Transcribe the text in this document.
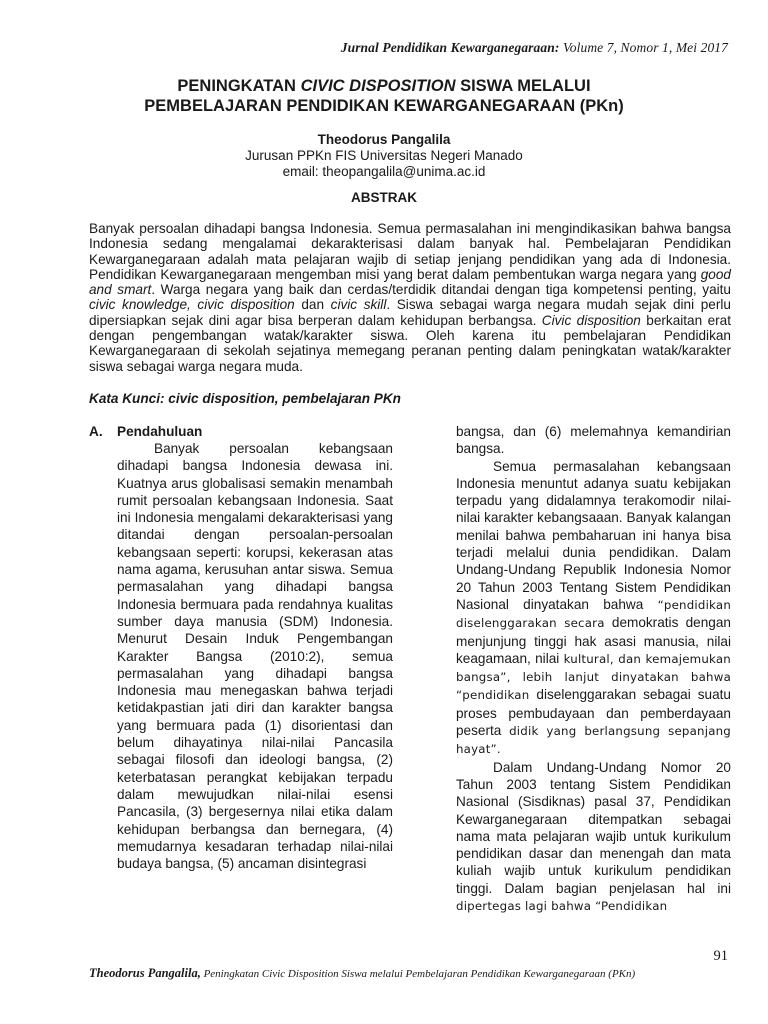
Jurnal Pendidikan Kewarganegaraan: Volume 7, Nomor 1, Mei 2017
PENINGKATAN CIVIC DISPOSITION SISWA MELALUI
PEMBELAJARAN PENDIDIKAN KEWARGANEGARAAN (PKn)
Theodorus Pangalila
Jurusan PPKn FIS Universitas Negeri Manado
email: theopangalila@unima.ac.id
ABSTRAK

Banyak persoalan dihadapi bangsa Indonesia. Semua permasalahan ini mengindikasikan bahwa bangsa Indonesia sedang mengalamai dekarakterisasi dalam banyak hal. Pembelajaran Pendidikan Kewarganegaraan adalah mata pelajaran wajib di setiap jenjang pendidikan yang ada di Indonesia. Pendidikan Kewarganegaraan mengemban misi yang berat dalam pembentukan warga negara yang good and smart. Warga negara yang baik dan cerdas/terdidik ditandai dengan tiga kompetensi penting, yaitu civic knowledge, civic disposition dan civic skill. Siswa sebagai warga negara mudah sejak dini perlu dipersiapkan sejak dini agar bisa berperan dalam kehidupan berbangsa. Civic disposition berkaitan erat dengan pengembangan watak/karakter siswa. Oleh karena itu pembelajaran Pendidikan Kewarganegaraan di sekolah sejatinya memegang peranan penting dalam peningkatan watak/karakter siswa sebagai warga negara muda.

Kata Kunci: civic disposition, pembelajaran PKn
A. Pendahuluan

Banyak persoalan kebangsaan dihadapi bangsa Indonesia dewasa ini. Kuatnya arus globalisasi semakin menambah rumit persoalan kebangsaan Indonesia. Saat ini Indonesia mengalami dekarakterisasi yang ditandai dengan persoalan-persoalan kebangsaan seperti: korupsi, kekerasan atas nama agama, kerusuhan antar siswa. Semua permasalahan yang dihadapi bangsa Indonesia bermuara pada rendahnya kualitas sumber daya manusia (SDM) Indonesia. Menurut Desain Induk Pengembangan Karakter Bangsa (2010:2), semua permasalahan yang dihadapi bangsa Indonesia mau menegaskan bahwa terjadi ketidakpastian jati diri dan karakter bangsa yang bermuara pada (1) disorientasi dan belum dihayatinya nilai-nilai Pancasila sebagai filosofi dan ideologi bangsa, (2) keterbatasan perangkat kebijakan terpadu dalam mewujudkan nilai-nilai esensi Pancasila, (3) bergesernya nilai etika dalam kehidupan berbangsa dan bernegara, (4) memudarnya kesadaran terhadap nilai-nilai budaya bangsa, (5) ancaman disintegrasi

bangsa, dan (6) melemahnya kemandirian bangsa.

Semua permasalahan kebangsaan Indonesia menuntut adanya suatu kebijakan terpadu yang didalamnya terakomodir nilai-nilai karakter kebangsaaan. Banyak kalangan menilai bahwa pembaharuan ini hanya bisa terjadi melalui dunia pendidikan. Dalam Undang-Undang Republik Indonesia Nomor 20 Tahun 2003 Tentang Sistem Pendidikan Nasional dinyatakan bahwa “pendidikan diselenggarakan secara demokratis dengan menjunjung tinggi hak asasi manusia, nilai keagamaan, nilai kultural, dan kemajemukan bangsa”, lebih lanjut dinyatakan bahwa “pendidikan diselenggarakan sebagai suatu proses pembudayaan dan pemberdayaan peserta didik yang berlangsung sepanjang hayat”.

Dalam Undang-Undang Nomor 20 Tahun 2003 tentang Sistem Pendidikan Nasional (Sisdiknas) pasal 37, Pendidikan Kewarganegaraan ditempatkan sebagai nama mata pelajaran wajib untuk kurikulum pendidikan dasar dan menengah dan mata kuliah wajib untuk kurikulum pendidikan tinggi. Dalam bagian penjelasan hal ini dipertegas lagi bahwa “Pendidikan

91
Theodorus Pangalila, Peningkatan Civic Disposition Siswa melalui Pembelajaran Pendidikan Kewarganegaraan (PKn)
